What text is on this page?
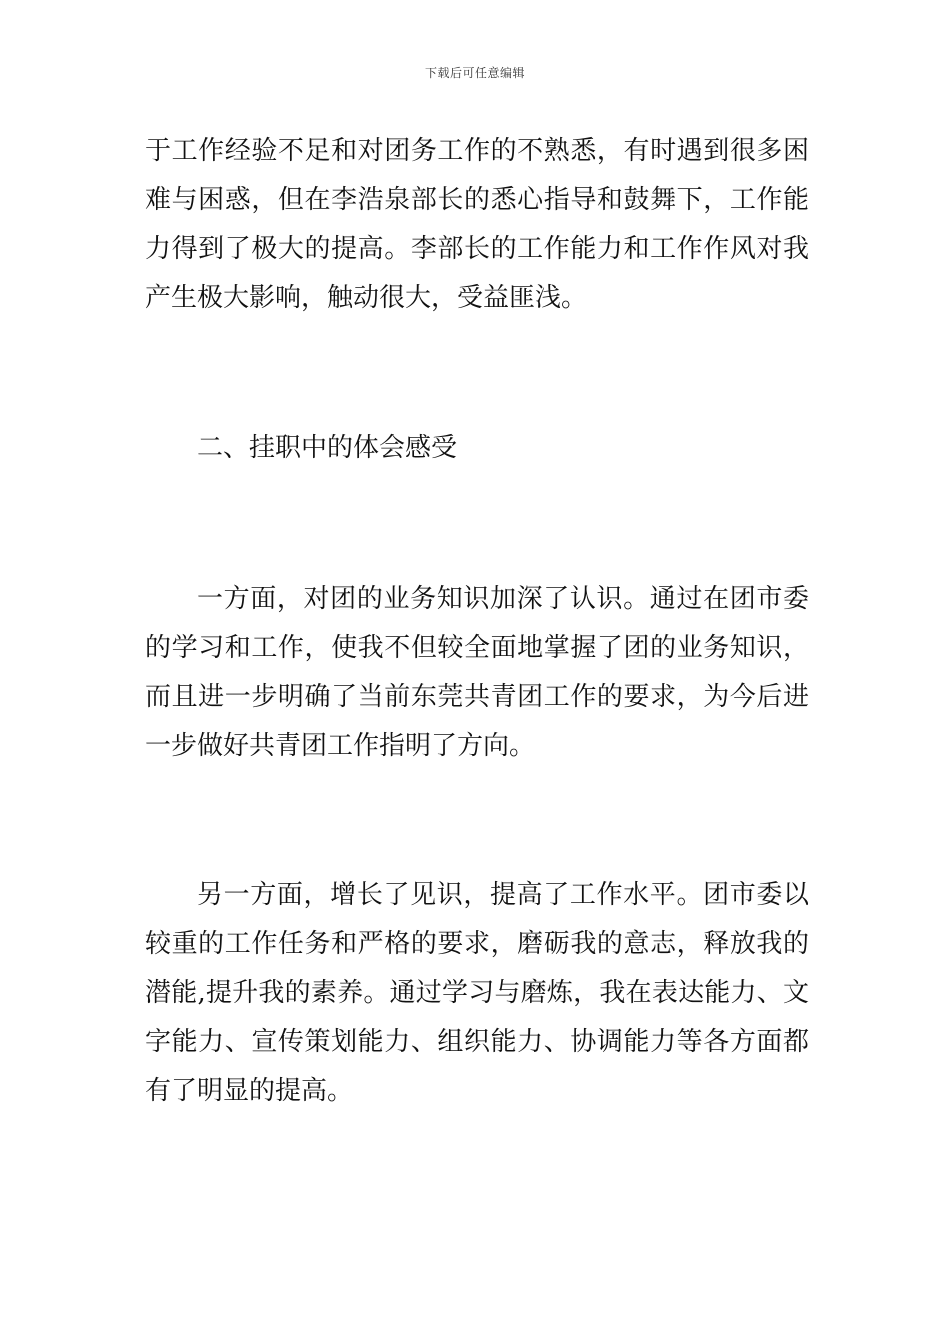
下载后可任意编辑
于工作经验不足和对团务工作的不熟悉，有时遇到很多困
难与困惑，但在李浩泉部长的悉心指导和鼓舞下，工作能
力得到了极大的提高。李部长的工作能力和工作作风对我
产生极大影响，触动很大，受益匪浅。
二、挂职中的体会感受
一方面，对团的业务知识加深了认识。通过在团市委
的学习和工作，使我不但较全面地掌握了团的业务知识，
而且进一步明确了当前东莞共青团工作的要求，为今后进
一步做好共青团工作指明了方向。
另一方面，增长了见识，提高了工作水平。团市委以
较重的工作任务和严格的要求，磨砺我的意志，释放我的
潜能,提升我的素养。通过学习与磨炼，我在表达能力、文
字能力、宣传策划能力、组织能力、协调能力等各方面都
有了明显的提高。
